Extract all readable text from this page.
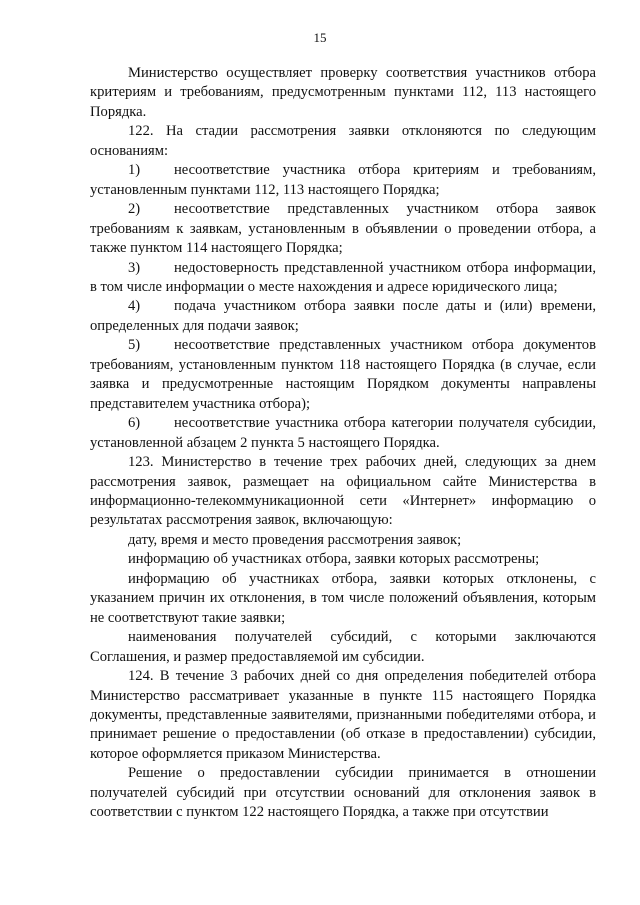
15

Министерство осуществляет проверку соответствия участников отбора критериям и требованиям, предусмотренным пунктами 112, 113 настоящего Порядка.

122. На стадии рассмотрения заявки отклоняются по следующим основаниям:

1) несоответствие участника отбора критериям и требованиям, установленным пунктами 112, 113 настоящего Порядка;

2) несоответствие представленных участником отбора заявок требованиям к заявкам, установленным в объявлении о проведении отбора, а также пунктом 114 настоящего Порядка;

3) недостоверность представленной участником отбора информации, в том числе информации о месте нахождения и адресе юридического лица;

4) подача участником отбора заявки после даты и (или) времени, определенных для подачи заявок;

5) несоответствие представленных участником отбора документов требованиям, установленным пунктом 118 настоящего Порядка (в случае, если заявка и предусмотренные настоящим Порядком документы направлены представителем участника отбора);

6) несоответствие участника отбора категории получателя субсидии, установленной абзацем 2 пункта 5 настоящего Порядка.

123. Министерство в течение трех рабочих дней, следующих за днем рассмотрения заявок, размещает на официальном сайте Министерства в информационно-телекоммуникационной сети «Интернет» информацию о результатах рассмотрения заявок, включающую:

дату, время и место проведения рассмотрения заявок;

информацию об участниках отбора, заявки которых рассмотрены;

информацию об участниках отбора, заявки которых отклонены, с указанием причин их отклонения, в том числе положений объявления, которым не соответствуют такие заявки;

наименования получателей субсидий, с которыми заключаются Соглашения, и размер предоставляемой им субсидии.

124. В течение 3 рабочих дней со дня определения победителей отбора Министерство рассматривает указанные в пункте 115 настоящего Порядка документы, представленные заявителями, признанными победителями отбора, и принимает решение о предоставлении (об отказе в предоставлении) субсидии, которое оформляется приказом Министерства.

Решение о предоставлении субсидии принимается в отношении получателей субсидий при отсутствии оснований для отклонения заявок в соответствии с пунктом 122 настоящего Порядка, а также при отсутствии
